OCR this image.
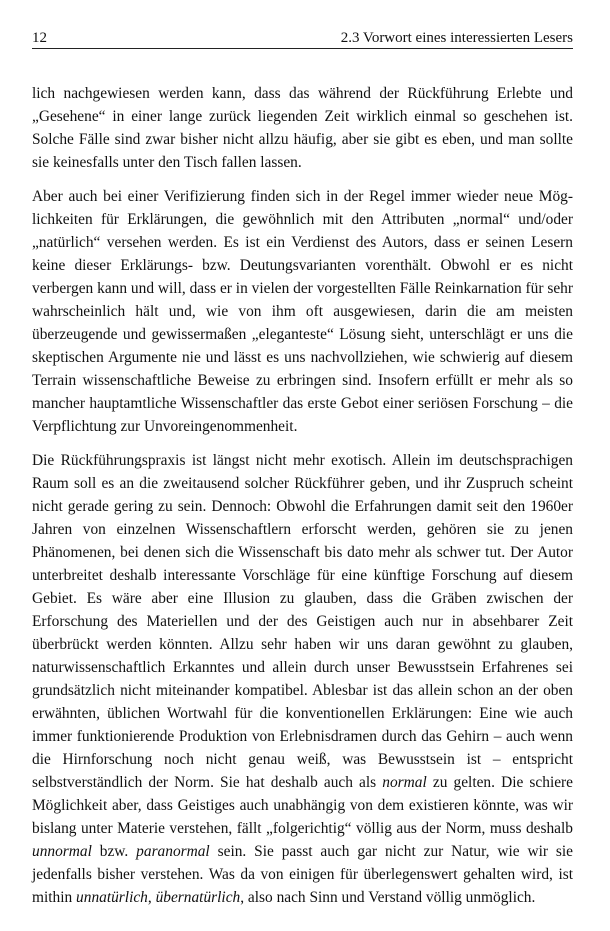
12	2.3 Vorwort eines interessierten Lesers

lich nachgewiesen werden kann, dass das während der Rückführung Erlebte und „Gesehene“ in einer lange zurück liegenden Zeit wirklich einmal so geschehen ist. Solche Fälle sind zwar bisher nicht allzu häufig, aber sie gibt es eben, und man sollte sie keinesfalls unter den Tisch fallen lassen.

Aber auch bei einer Verifizierung finden sich in der Regel immer wieder neue Möglichkeiten für Erklärungen, die gewöhnlich mit den Attributen „normal“ und/oder „natürlich“ versehen werden. Es ist ein Verdienst des Autors, dass er seinen Lesern keine dieser Erklärungs- bzw. Deutungsvarianten vorenthält. Obwohl er es nicht verbergen kann und will, dass er in vielen der vorgestellten Fälle Reinkarnation für sehr wahrscheinlich hält und, wie von ihm oft ausgewiesen, darin die am meisten überzeugende und gewissermaßen „eleganteste“ Lösung sieht, unterschlägt er uns die skeptischen Argumente nie und lässt es uns nachvollziehen, wie schwierig auf diesem Terrain wissenschaftliche Beweise zu erbringen sind. Insofern erfüllt er mehr als so mancher hauptamtliche Wissenschaftler das erste Gebot einer seriösen Forschung – die Verpflichtung zur Unvoreingenommenheit.

Die Rückführungspraxis ist längst nicht mehr exotisch. Allein im deutschsprachigen Raum soll es an die zweitausend solcher Rückführer geben, und ihr Zuspruch scheint nicht gerade gering zu sein. Dennoch: Obwohl die Erfahrungen damit seit den 1960er Jahren von einzelnen Wissenschaftlern erforscht werden, gehören sie zu jenen Phänomenen, bei denen sich die Wissenschaft bis dato mehr als schwer tut. Der Autor unterbreitet deshalb interessante Vorschläge für eine künftige Forschung auf diesem Gebiet. Es wäre aber eine Illusion zu glauben, dass die Gräben zwischen der Erforschung des Materiellen und der des Geistigen auch nur in absehbarer Zeit überbrückt werden könnten. Allzu sehr haben wir uns daran gewöhnt zu glauben, naturwissenschaftlich Erkanntes und allein durch unser Bewusstsein Erfahrenes sei grundsätzlich nicht miteinander kompatibel. Ablesbar ist das allein schon an der oben erwähnten, üblichen Wortwahl für die konventionellen Erklärungen: Eine wie auch immer funktionierende Produktion von Erlebnisdramen durch das Gehirn – auch wenn die Hirnforschung noch nicht genau weiß, was Bewusstsein ist – entspricht selbstverständlich der Norm. Sie hat deshalb auch als normal zu gelten. Die schiere Möglichkeit aber, dass Geistiges auch unabhängig von dem existieren könnte, was wir bislang unter Materie verstehen, fällt „folgerichtig“ völlig aus der Norm, muss deshalb unnormal bzw. paranormal sein. Sie passt auch gar nicht zur Natur, wie wir sie jedenfalls bisher verstehen. Was da von einigen für überlegenswert gehalten wird, ist mithin unnatürlich, übernatürlich, also nach Sinn und Verstand völlig unmöglich.
